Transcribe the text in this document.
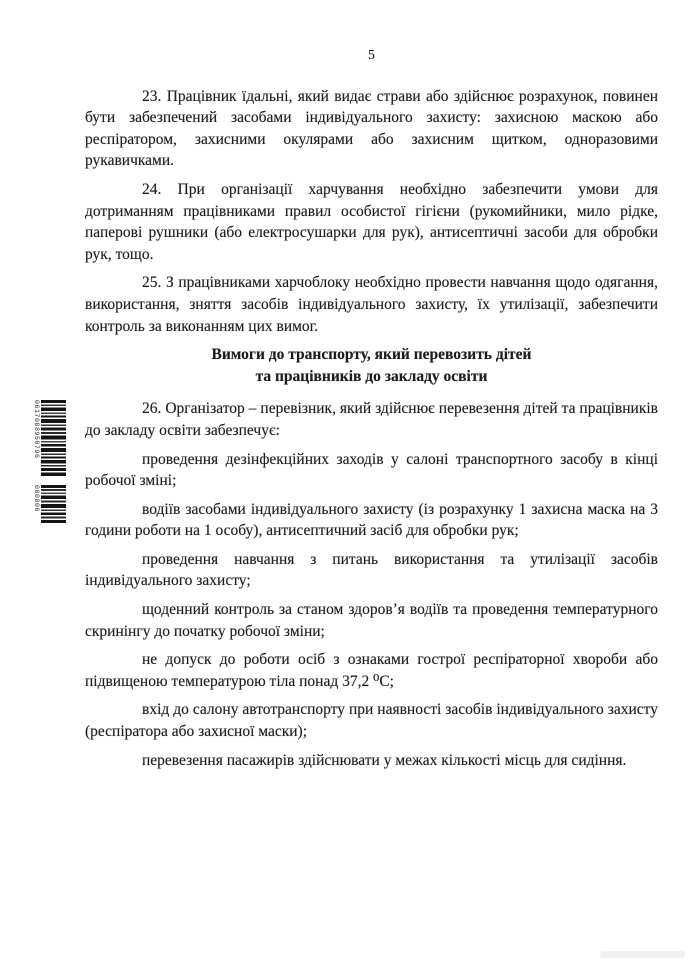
0617008950796
000006
5

23. Працівник їдальні, який видає страви або здійснює розрахунок, повинен бути забезпечений засобами індивідуального захисту: захисною маскою або респіратором, захисними окулярами або захисним щитком, одноразовими рукавичками.

24. При організації харчування необхідно забезпечити умови для дотриманням працівниками правил особистої гігієни (рукомийники, мило рідке, паперові рушники (або електросушарки для рук), антисептичні засоби для обробки рук, тощо.

25. З працівниками харчоблоку необхідно провести навчання щодо одягання, використання, зняття засобів індивідуального захисту, їх утилізації, забезпечити контроль за виконанням цих вимог.

Вимоги до транспорту, який перевозить дітей
та працівників до закладу освіти

26. Організатор – перевізник, який здійснює перевезення дітей та працівників до закладу освіти забезпечує:

проведення дезінфекційних заходів у салоні транспортного засобу в кінці робочої зміні;

водіїв засобами індивідуального захисту (із розрахунку 1 захисна маска на 3 години роботи на 1 особу), антисептичний засіб для обробки рук;

проведення навчання з питань використання та утилізації засобів індивідуального захисту;

щоденний контроль за станом здоров’я водіїв та проведення температурного скринінгу до початку робочої зміни;

не допуск до роботи осіб з ознаками гострої респіраторної хвороби або підвищеною температурою тіла понад 37,2 ⁰С;

вхід до салону автотранспорту при наявності засобів індивідуального захисту (респіратора або захисної маски);

перевезення пасажирів здійснювати у межах кількості місць для сидіння.
